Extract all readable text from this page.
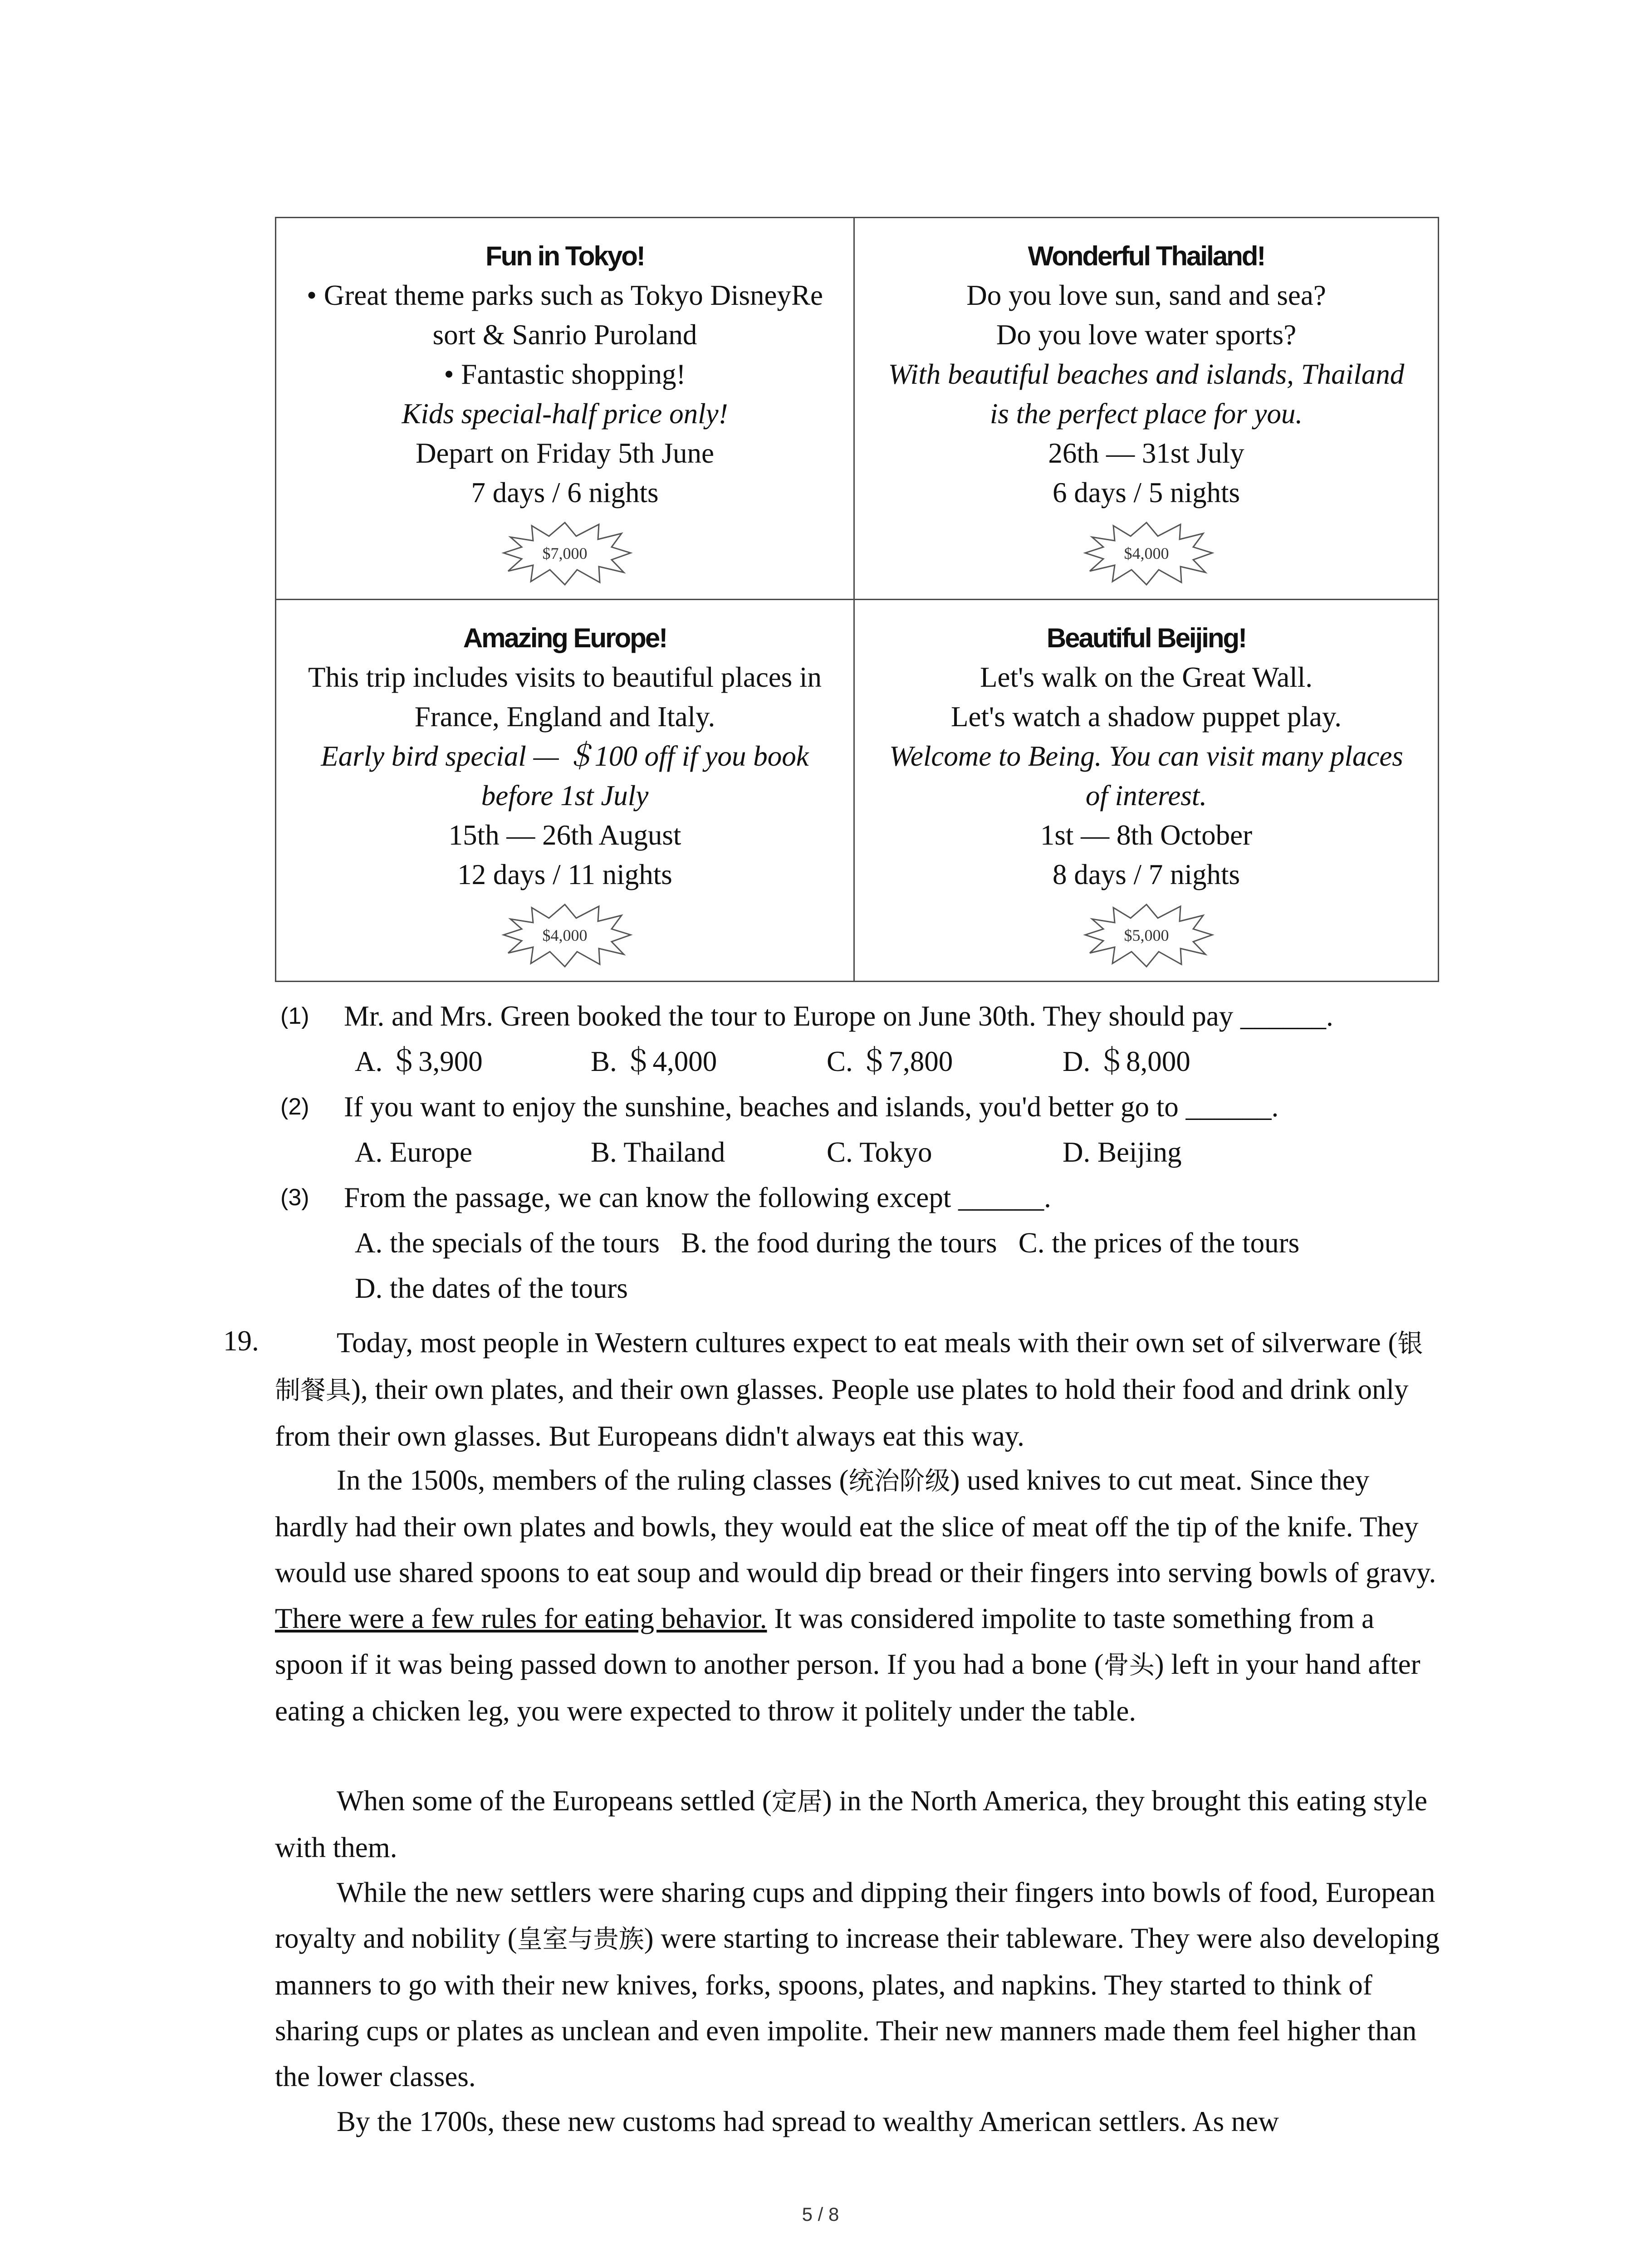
Fun in Tokyo!
• Great theme parks such as Tokyo DisneyRe
sort & Sanrio Puroland
• Fantastic shopping!
Kids special-half price only!
Depart on Friday 5th June
7 days / 6 nights
$7,000
Wonderful Thailand!
Do you love sun, sand and sea?
Do you love water sports?
With beautiful beaches and islands, Thailand
is the perfect place for you.
26th — 31st July
6 days / 5 nights
$4,000
Amazing Europe!
This trip includes visits to beautiful places in
France, England and Italy.
Early bird special — ＄100 off if you book
before 1st July
15th — 26th August
12 days / 11 nights
$4,000
Beautiful Beijing!
Let's walk on the Great Wall.
Let's watch a shadow puppet play.
Welcome to Being. You can visit many places
of interest.
1st — 8th October
8 days / 7 nights
$5,000
(1) Mr. and Mrs. Green booked the tour to Europe on June 30th. They should pay ______.
A. ＄3,900	B. ＄4,000	C. ＄7,800	D. ＄8,000
(2) If you want to enjoy the sunshine, beaches and islands, you'd better go to ______.
A. Europe	B. Thailand	C. Tokyo	D. Beijing
(3) From the passage, we can know the following except ______.
A. the specials of the tours   B. the food during the tours   C. the prices of the tours
D. the dates of the tours
19.	Today, most people in Western cultures expect to eat meals with their own set of silverware (银制餐具), their own plates, and their own glasses. People use plates to hold their food and drink only from their own glasses. But Europeans didn't always eat this way.
In the 1500s, members of the ruling classes (统治阶级) used knives to cut meat. Since they hardly had their own plates and bowls, they would eat the slice of meat off the tip of the knife. They would use shared spoons to eat soup and would dip bread or their fingers into serving bowls of gravy. There were a few rules for eating behavior. It was considered impolite to taste something from a spoon if it was being passed down to another person. If you had a bone (骨头) left in your hand after eating a chicken leg, you were expected to throw it politely under the table.
When some of the Europeans settled (定居) in the North America, they brought this eating style with them.
While the new settlers were sharing cups and dipping their fingers into bowls of food, European royalty and nobility (皇室与贵族) were starting to increase their tableware. They were also developing manners to go with their new knives, forks, spoons, plates, and napkins. They started to think of sharing cups or plates as unclean and even impolite. Their new manners made them feel higher than the lower classes.
By the 1700s, these new customs had spread to wealthy American settlers. As new
5 / 8
